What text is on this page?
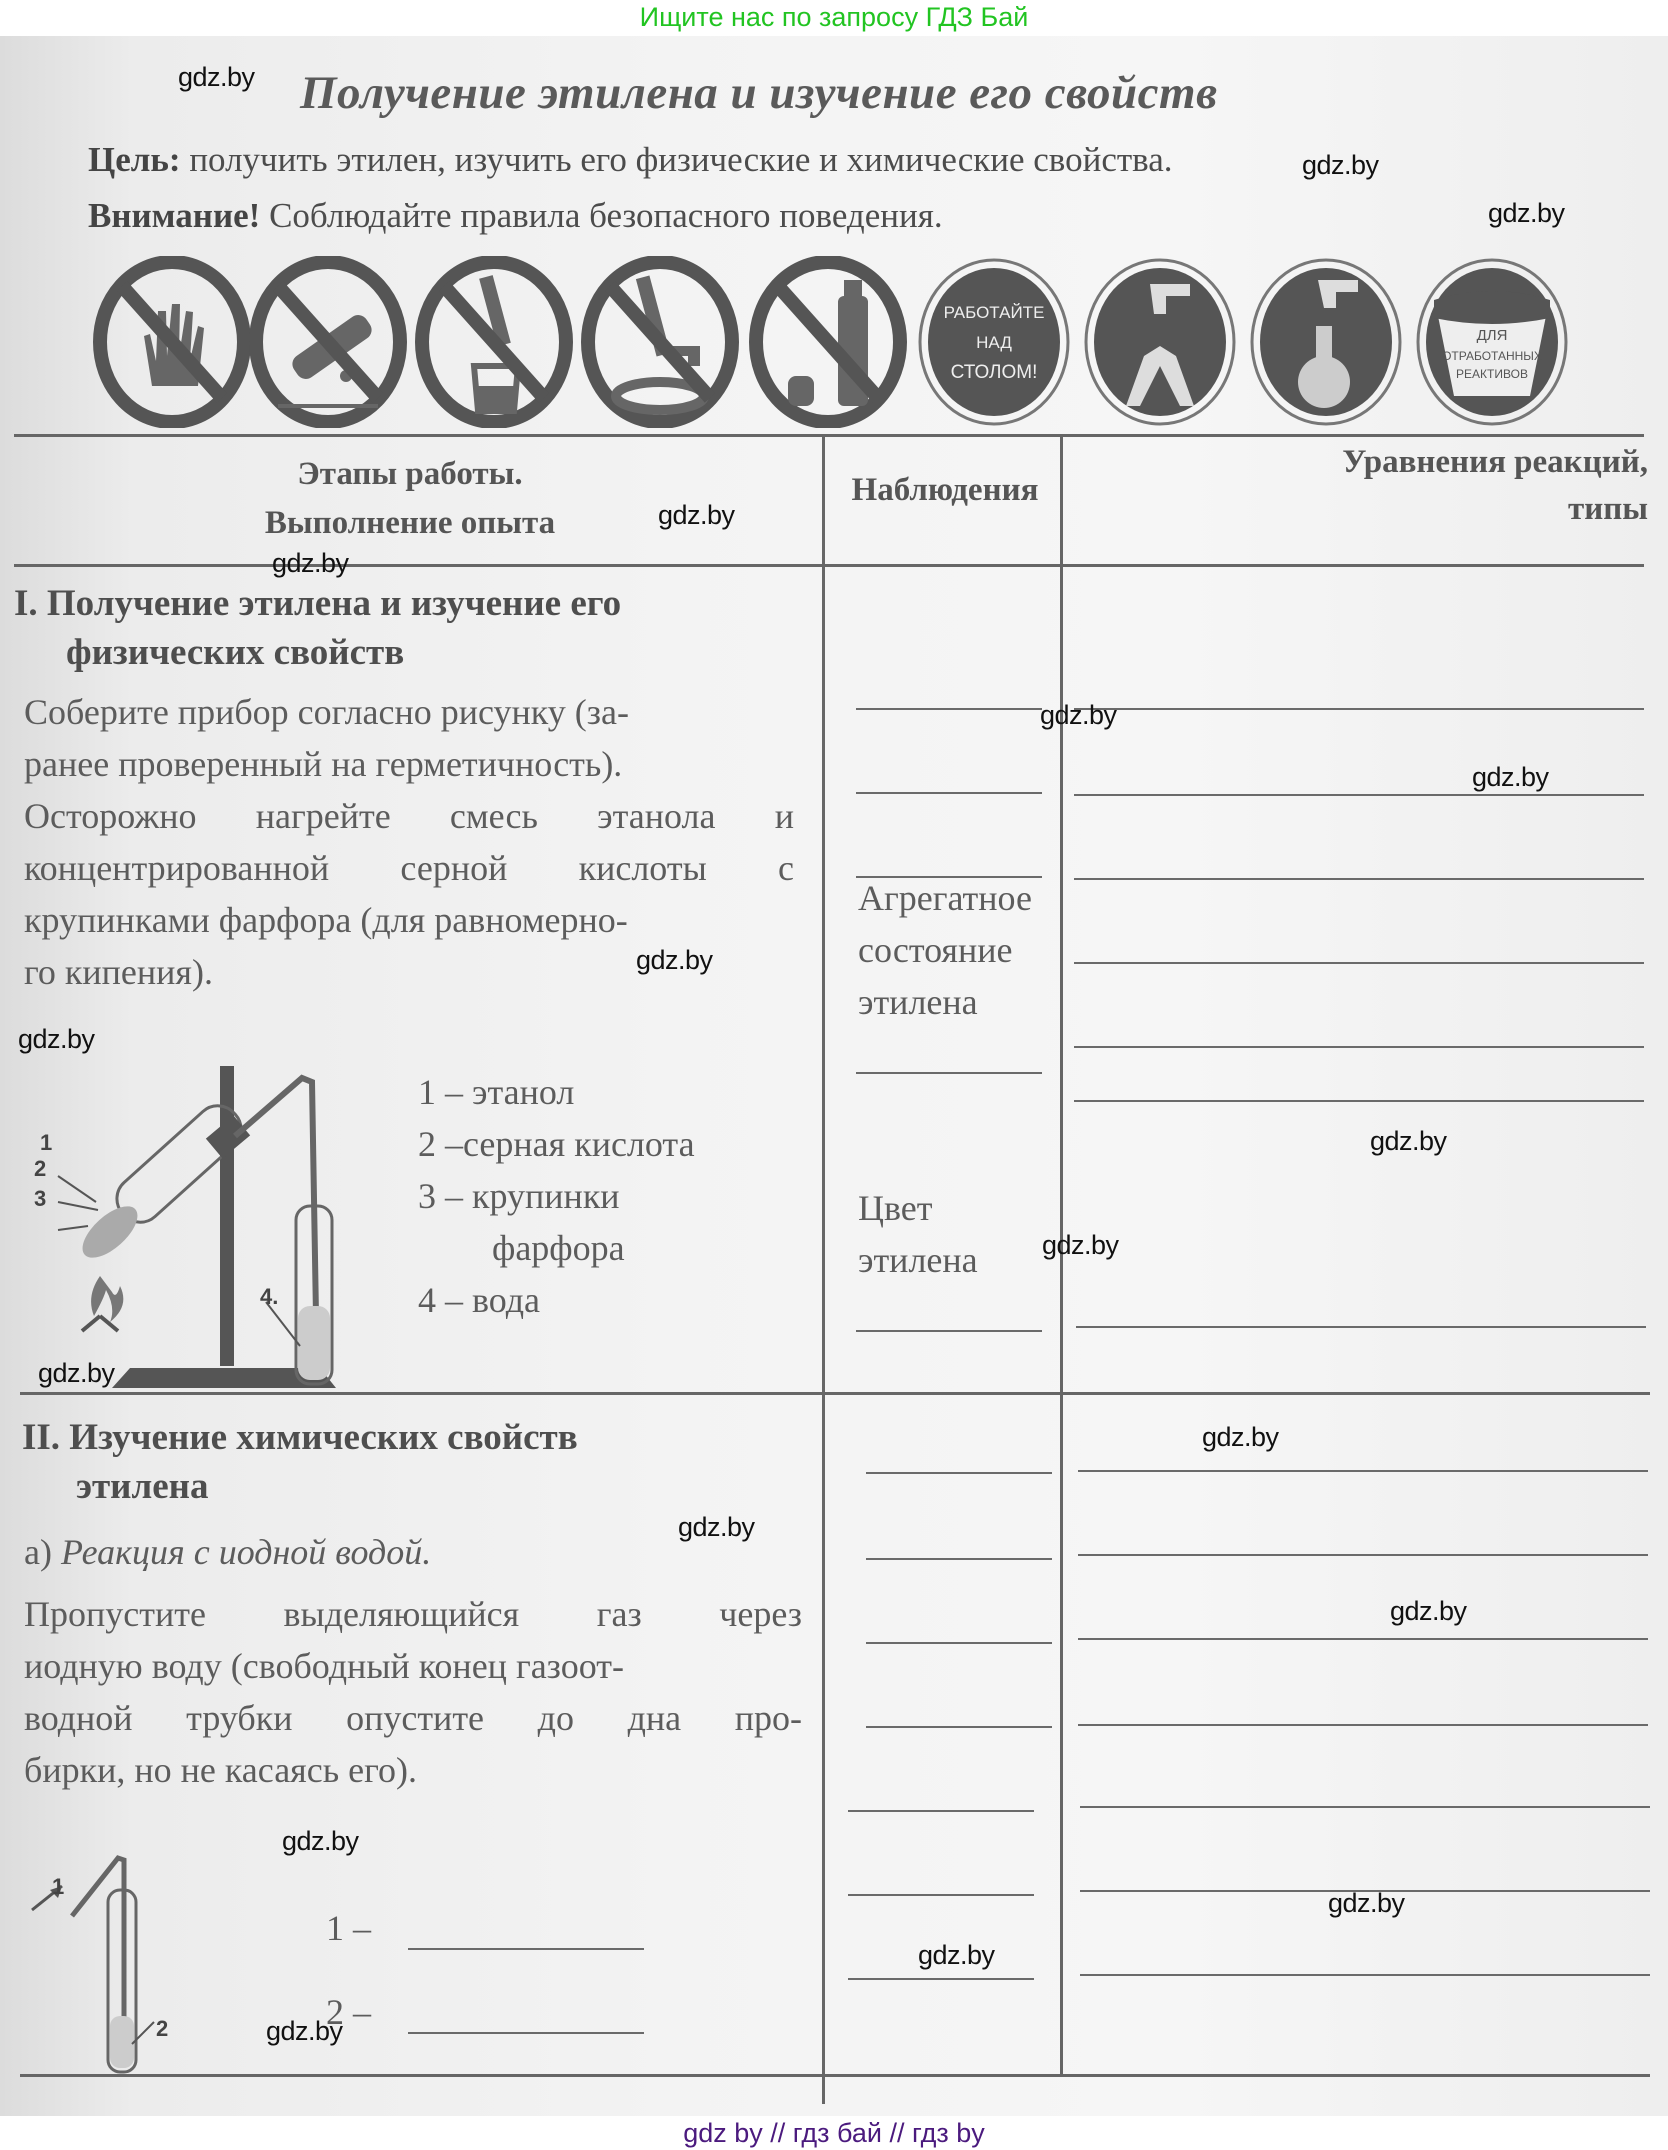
Ищите нас по запросу ГДЗ Бай
Получение этилена и изучение его свойств
Цель: получить этилен, изучить его физические и химические свойства.
Внимание! Соблюдайте правила безопасного поведения.
РАБОТАЙТЕ
НАД
СТОЛОМ!
ДЛЯ
ОТРАБОТАННЫХ
РЕАКТИВОВ
Этапы работы.
Выполнение опыта
Наблюдения
Уравнения реакций,
типы
I. Получение этилена и изучение его
физических свойств
Соберите прибор согласно рисунку (за-
ранее проверенный на герметичность).
Осторожно нагрейте смесь этанола и
концентрированной серной кислоты с
крупинками фарфора (для равномерно-
го кипения).
1
2
3
4.
1 – этанол
2 –серная кислота
3 – крупинки
фарфора
4 – вода
Агрегатное
состояние
этилена
Цвет
этилена
II. Изучение химических свойств
этилена
а) Реакция с иодной водой.
Пропустите выделяющийся газ через
иодную воду (свободный конец газоот-
водной трубки опустите до дна про-
бирки, но не касаясь его).
1
2
1 –
2 –
gdz.by
gdz.by
gdz.by
gdz.by
gdz.by
gdz.by
gdz.by
gdz.by
gdz.by
gdz.by
gdz.by
gdz.by
gdz.by
gdz.by
gdz.by
gdz.by
gdz.by
gdz.by
gdz.by
gdz by // гдз бай // гдз by
